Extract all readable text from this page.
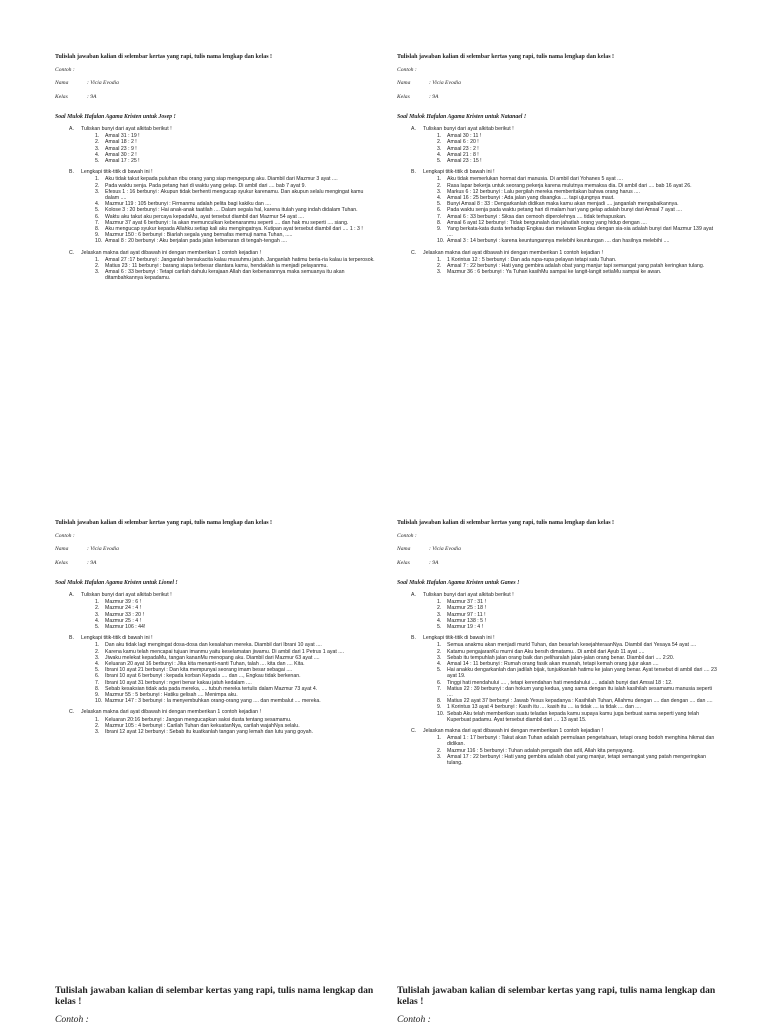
Tulislah jawaban kalian di selembar kertas yang rapi, tulis nama lengkap dan kelas !
Contoh :
Nama	: Vicia Evodia
Kelas	: 9A
Soal Mulok Hafalan Agama Kristen untuk Josep !
A. Tuliskan bunyi dari ayat alkitab berikut !
1. Amsal 31 : 19 !
2. Amsal 18 : 2 !
3. Amsal 23 : 9 !
4. Amsal 30 : 2 !
5. Amsal 17 : 25 !
B. Lengkapi titik-titik di bawah ini !
1. Aku tidak takut kepada puluhan ribu orang yang siap mengepung aku. Diambil dari Mazmur 3 ayat ....
2. Pada waktu senja. Pada petang hari di waktu yang gelap. Di ambil dari .... bab 7 ayat 9.
3. Efesus 1 : 16 berbunyi : Akupun tidak berhenti mengucap syukur karenamu. Dan akupun selalu mengingat kamu dalam ....
4. Mazmur 119 : 105 berbunyi : Firmanmu adalah pelita bagi kakiku dan ....
5. Kolose 3 : 20 berbunyi : Hai anak-anak taatilah .... Dalam segala hal, karena itulah yang indah didalam Tuhan.
6. Waktu aku takut aku percaya kepadaMu, ayat tersebut diambil dari Mazmur 54 ayat ....
7. Mazmur 37 ayat 6 berbunyi : Ia akan memunculkan kebenaranmu seperti .... dan hak mu seperti .... siang.
8. Aku mengucap syukur kepada Allahku setiap kali aku mengingatnya. Kutipan ayat tersebut diambil dari .... 1 : 3 !
9. Mazmur 150 : 6 berbunyi : Biarlah segala yang bernafas memuji nama Tuhan, .....
10. Amsal 8 : 20 berbunyi : Aku berjalan pada jalan kebenaran di tengah-tengah ....
C. Jelaskan makna dari ayat dibawah ini dengan memberikan 1 contoh kejadian !
1. Amsal 27 :17 berbunyi : Janganlah bersukacita kalau musuhmu jatuh. Janganlah hatimu beria-ria kalau ia terperosok.
2. Matius 23 : 11 berbunyi : barang siapa terbesar diantara kamu, hendaklah ia menjadi pelayanmu.
3. Amsal 6 : 33 berbunyi : Tetapi carilah dahulu kerajaan Allah dan kebenarannya maka semuanya itu akan ditambahkannya kepadamu.
Tulislah jawaban kalian di selembar kertas yang rapi, tulis nama lengkap dan kelas !
Contoh :
Nama	: Vicia Evodia
Kelas	: 9A
Soal Mulok Hafalan Agama Kristen untuk Natanael !
A. Tuliskan bunyi dari ayat alkitab berikut !
1. Amsal 30 : 11 !
2. Amsal 6 : 20 !
3. Amsal 23 : 2 !
4. Amsal 21 : 8 !
5. Amsal 23 : 15 !
B. Lengkapi titik-titik di bawah ini !
1. Aku tidak memerlukan hormat dari manusia. Di ambil dari Yohanes 5 ayat ....
2. Rasa lapar bekerja untuk seorang pekerja karena mulutnya memaksa dia. Di ambil dari .... bab 16 ayat 26.
3. Markus 6 : 12 berbunyi : Lalu pergilah mereka memberitakan bahwa orang harus ....
4. Amsal 16 : 25 berbunyi : Ada jalan yang disangka .... tapi ujungnya maut.
5. Bunyi Amsal 8 : 33 : Dengarkanlah didikan maka kamu akan menjadi .... janganlah mengabaikannya.
6. Pada waktu senja pada waktu petang hari di malam hari yang gelap adalah bunyi dari Amsal 7 ayat ....
7. Amsal 6 : 33 berbunyi : Siksa dan cemooh diperolehnya .... tidak terhapuskan.
8. Amsal 6 ayat 12 berbunyi : Tidak bergunalah dan jahatlah orang yang hidup dengan ....
9. Yang berkata-kata dusta terhadap Engkau dan melawan Engkau dengan sia-sia adalah bunyi dari Mazmur 139 ayat ....
10. Amsal 3 : 14 berbunyi : karena keuntungannya melebihi keuntungan .... dan hasilnya melebihi ....
C. Jelaskan makna dari ayat dibawah ini dengan memberikan 1 contoh kejadian !
1. 1 Korintus 12 : 5 berbunyi : Dan ada rupa-rupa pelayan tetapi satu Tuhan.
2. Amsal 7 : 22 berbunyi : Hati yang gembira adalah obat yang manjur tapi semangat yang patah keringkan tulang.
3. Mazmur 36 : 6 berbunyi : Ya Tuhan kasihMu sampai ke langit-langit setiaMu sampai ke awan.
Tulislah jawaban kalian di selembar kertas yang rapi, tulis nama lengkap dan kelas !
Contoh :
Nama	: Vicia Evodia
Kelas	: 9A
Soal Mulok Hafalan Agama Kristen untuk Lionel !
A. Tuliskan bunyi dari ayat alkitab berikut !
1. Mazmur 39 : 6 !
2. Mazmur 24 : 4 !
3. Mazmur 33 : 20 !
4. Mazmur 25 : 4 !
5. Mazmur 106 : 44!
B. Lengkapi titik-titik di bawah ini !
1. Dan aku tidak lagi mengingat dosa-dosa dan kesalahan mereka. Diambil dari Ibrani 10 ayat ....
2. Karena kamu telah mencapai tujuan imanmu yaitu keselamatan jiwamu. Di ambil dari 1 Petrus 1 ayat ....
3. Jiwaku melekat kepadaMu, tangan kananMu menopang aku. Diambil dari Mazmur 63 ayat ....
4. Keluaran 20 ayat 16 berbunyi : Jika kita menanti-nanti Tuhan, talah .... kita dan .... Kita.
5. Ibrani 10 ayat 21 berbunyi : Dan kita mempunyai seorang imam besar sebagai ....
6. Ibrani 10 ayat 6 berbunyi : kepada korban Kepada .... dan ..., Engkau tidak berkenan.
7. Ibrani 10 ayat 31 berbunyi : ngeri benar kakau jatuh kedalam ....
8. Sebab kesaksian tidak ada pada mereka, .... tubuh mereka tertulis dalam Mazmur 73 ayat 4.
9. Mazmur 55 : 5 berbunyi : Hatiku gelisah .... Menimpa aku.
10. Mazmur 147 : 3 berbunyi : Ia menyembuhkan orang-orang yang .... dan membalut .... mereka.
C. Jelaskan makna dari ayat dibawah ini dengan memberikan 1 contoh kejadian !
1. Keluaran 20:16 berbunyi : Jangan mengucapkan saksi dusta tentang sesamamu.
2. Mazmur 105 : 4 berbunyi : Carilah Tuhan dan kekuatanNya, carilah wajahNya selalu.
3. Ibrani 12 ayat 12 berbunyi : Sebab itu kuatkanlah tangan yang lemah dan lutu yang goyah.
Tulislah jawaban kalian di selembar kertas yang rapi, tulis nama lengkap dan kelas !
Contoh :
Nama	: Vicia Evodia
Kelas	: 9A
Soal Mulok Hafalan Agama Kristen untuk Ganes !
A. Tuliskan bunyi dari ayat alkitab berikut !
1. Mazmur 37 : 31 !
2. Mazmur 25 : 18 !
3. Mazmur 97 : 11 !
4. Mazmur 138 : 5 !
5. Mazmur 19 : 4 !
B. Lengkapi titik-titik di bawah ini !
1. Semua anakmu akan menjadi murid Tuhan, dan besarlah kesejahteraanNya. Diambil dari Yesaya 54 ayat ....
2. Katamu pengajaranKu murni dan Aku bersih dimatamu.. Di ambil dari Ayub 11 ayat ....
3. Sebab itu tempuhlah jalan orang baik dan peliharalah jalan-jalan orang benar. Diambil dari .... 2:20.
4. Amsal 14 : 11 berbunyi : Rumah orang fasik akan musnah, tetapi kemah orang jujur akan ....
5. Hai anakku dengarkanlah dan jadilah bijak, tunjukkanlah hatimu ke jalan yang benar. Ayat tersebut di ambil dari .... 23 ayat 19.
6. Tinggi hati mendahului .... , tetapi kerendahan hati mendahului .... adalah bunyi dari Amsal 18 : 12.
7. Matius 22 : 39 berbunyi : dan hokum yang kedua, yang sama dengan itu ialah kasihilah sesamamu manusia seperti ....
8. Matius 22 ayat 37 berbunyi : Jawab Yesus kepadanya : Kasihilah Tuhan, Allahmu dengan .... dan dengan .... dan ....
9. 1 Korintus 13 ayat 4 berbunyi : Kasih itu .... kasih itu .... ia tidak .... ia tidak .... dan ....
10. Sebab Aku telah memberikan suatu teladan kepada kamu supaya kamu juga berbuat sama seperti yang telah Kuperbuat padamu. Ayat tersebut diambil dari .... 13 ayat 15.
C. Jelaskan makna dari ayat dibawah ini dengan memberikan 1 contoh kejadian !
1. Amsal 1 : 17 berbunyi : Takut akan Tuhan adalah permulaan pengetahuan, tetapi orang bodoh menghina hikmat dan didikan.
2. Mazmur 116 : 5 berbunyi : Tuhan adalah pengasih dan adil, Allah kita penyayang.
3. Amsal 17 : 22 berbunyi : Hati yang gembira adalah obat yang manjur, tetapi semangat yang patah mengeringkan tulang.
Tulislah jawaban kalian di selembar kertas yang rapi, tulis nama lengkap dan kelas !
Contoh :
Tulislah jawaban kalian di selembar kertas yang rapi, tulis nama lengkap dan kelas !
Contoh :
